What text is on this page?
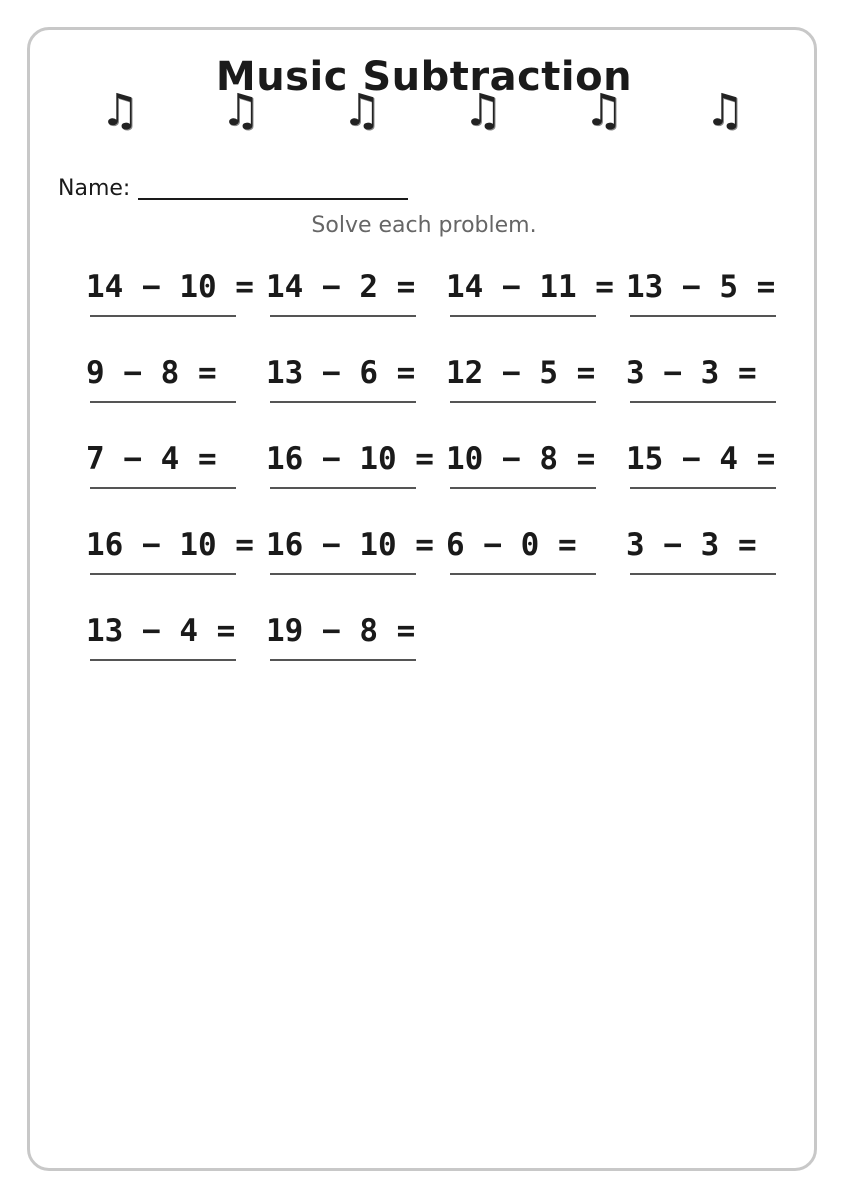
Music Subtraction
♫ ♫ ♫ ♫ ♫ ♫
Name:
Solve each problem.
14 − 10 = 14 − 2 = 14 − 11 = 13 − 5 =
9 − 8 = 13 − 6 = 12 − 5 = 3 − 3 =
7 − 4 = 16 − 10 = 10 − 8 = 15 − 4 =
16 − 10 = 16 − 10 = 6 − 0 = 3 − 3 =
13 − 4 = 19 − 8 =
